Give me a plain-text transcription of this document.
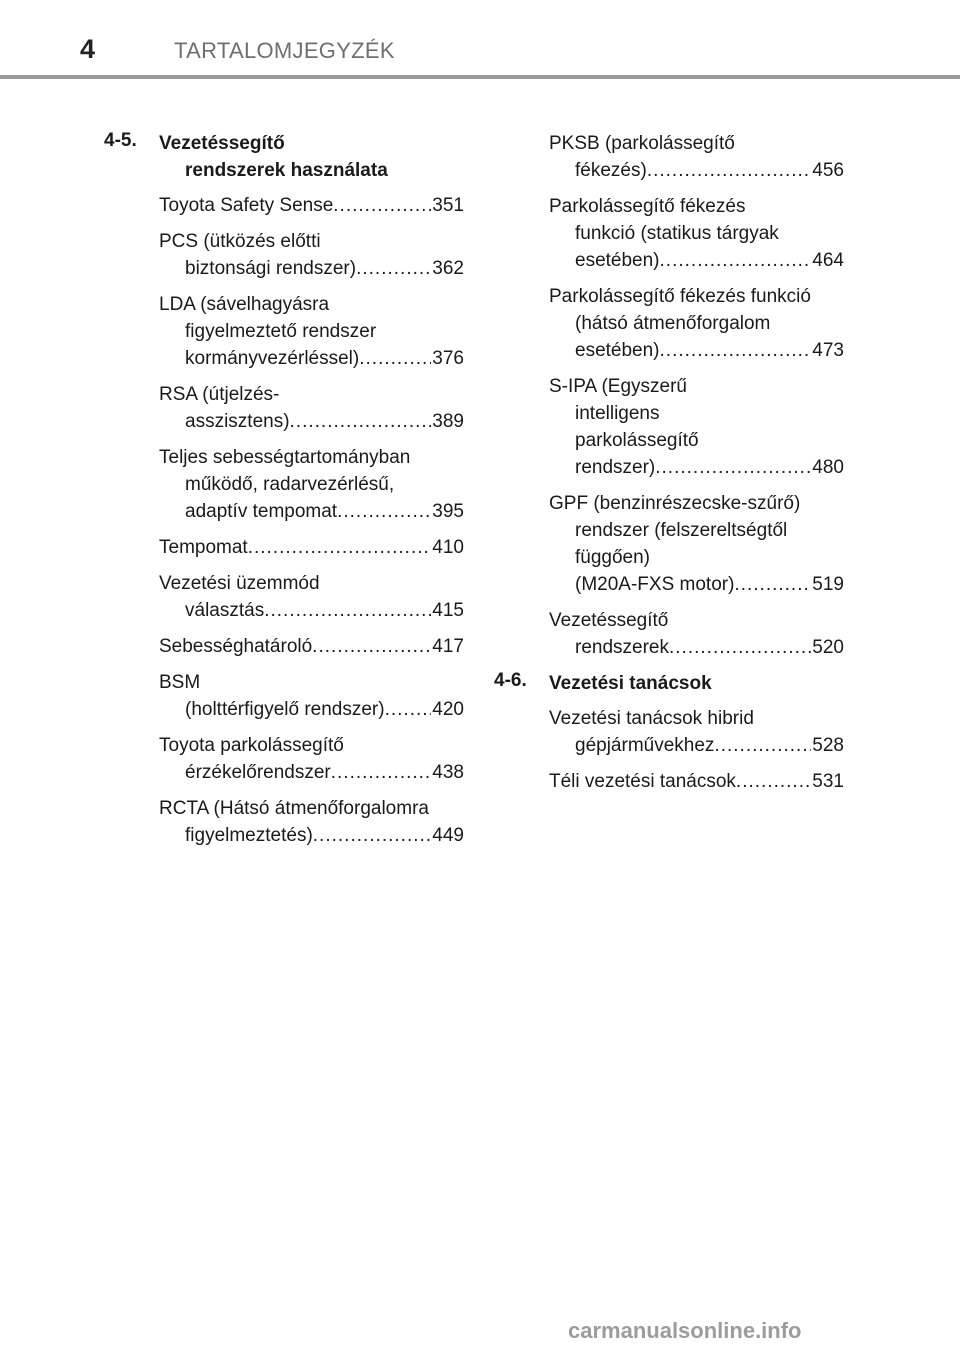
4	TARTALOMJEGYZÉK
4-5. Vezetéssegítő
rendszerek használata
Toyota Safety Sense .....	351
PCS (ütközés előtti
biztonsági rendszer) .....	362
LDA (sávelhagyásra
figyelmeztető rendszer
kormányvezérléssel) .....	376
RSA (útjelzés-
asszisztens) .....	389
Teljes sebességtartományban
működő, radarvezérlésű,
adaptív tempomat .....	395
Tempomat .....	410
Vezetési üzemmód
választás .....	415
Sebességhatároló .....	417
BSM
(holttérfigyelő rendszer) .....	420
Toyota parkolássegítő
érzékelőrendszer .....	438
RCTA (Hátsó átmenőforgalomra
figyelmeztetés) .....	449
PKSB (parkolássegítő
fékezés) .....	456
Parkolássegítő fékezés
funkció (statikus tárgyak
esetében) .....	464
Parkolássegítő fékezés funkció
(hátsó átmenőforgalom
esetében) .....	473
S-IPA (Egyszerű
intelligens
parkolássegítő
rendszer) .....	480
GPF (benzinrészecske-szűrő)
rendszer (felszereltségtől
függően)
(M20A-FXS motor) .....	519
Vezetéssegítő
rendszerek .....	520
4-6. Vezetési tanácsok
Vezetési tanácsok hibrid
gépjárművekhez .....	528
Téli vezetési tanácsok .....	531
carmanualsonline.info
